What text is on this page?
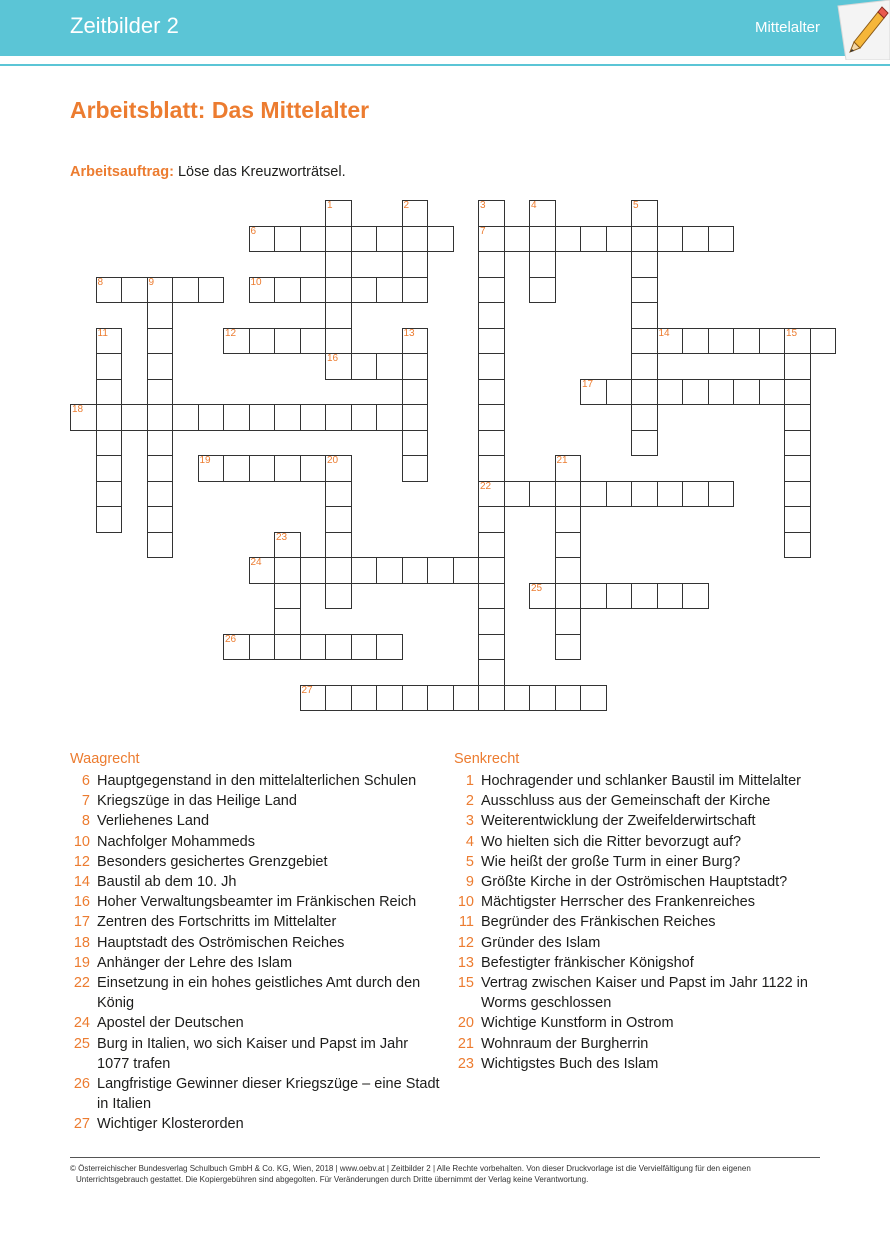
Zeitbilder 2	Mittelalter
Arbeitsblatt: Das Mittelalter
Arbeitsauftrag: Löse das Kreuzworträtsel.
6	7
8	10
12	14
16
17
18
19
22
24
25
26
27
1	2	3	4	5
9
11	13	15
20	21
23
Waagrecht
6 Hauptgegenstand in den mittelalterlichen Schulen
7 Kriegszüge in das Heilige Land
8 Verliehenes Land
10 Nachfolger Mohammeds
12 Besonders gesichertes Grenzgebiet
14 Baustil ab dem 10. Jh
16 Hoher Verwaltungsbeamter im Fränkischen Reich
17 Zentren des Fortschritts im Mittelalter
18 Hauptstadt des Oströmischen Reiches
19 Anhänger der Lehre des Islam
22 Einsetzung in ein hohes geistliches Amt durch den König
24 Apostel der Deutschen
25 Burg in Italien, wo sich Kaiser und Papst im Jahr 1077 trafen
26 Langfristige Gewinner dieser Kriegszüge – eine Stadt in Italien
27 Wichtiger Klosterorden
Senkrecht
1 Hochragender und schlanker Baustil im Mittelalter
2 Ausschluss aus der Gemeinschaft der Kirche
3 Weiterentwicklung der Zweifelderwirtschaft
4 Wo hielten sich die Ritter bevorzugt auf?
5 Wie heißt der große Turm in einer Burg?
9 Größte Kirche in der Oströmischen Hauptstadt?
10 Mächtigster Herrscher des Frankenreiches
11 Begründer des Fränkischen Reiches
12 Gründer des Islam
13 Befestigter fränkischer Königshof
15 Vertrag zwischen Kaiser und Papst im Jahr 1122 in Worms geschlossen
20 Wichtige Kunstform in Ostrom
21 Wohnraum der Burgherrin
23 Wichtigstes Buch des Islam
© Österreichischer Bundesverlag Schulbuch GmbH & Co. KG, Wien, 2018 | www.oebv.at | Zeitbilder 2 | Alle Rechte vorbehalten. Von dieser Druckvorlage ist die Vervielfältigung für den eigenen
Unterrichtsgebrauch gestattet. Die Kopiergebühren sind abgegolten. Für Veränderungen durch Dritte übernimmt der Verlag keine Verantwortung.
